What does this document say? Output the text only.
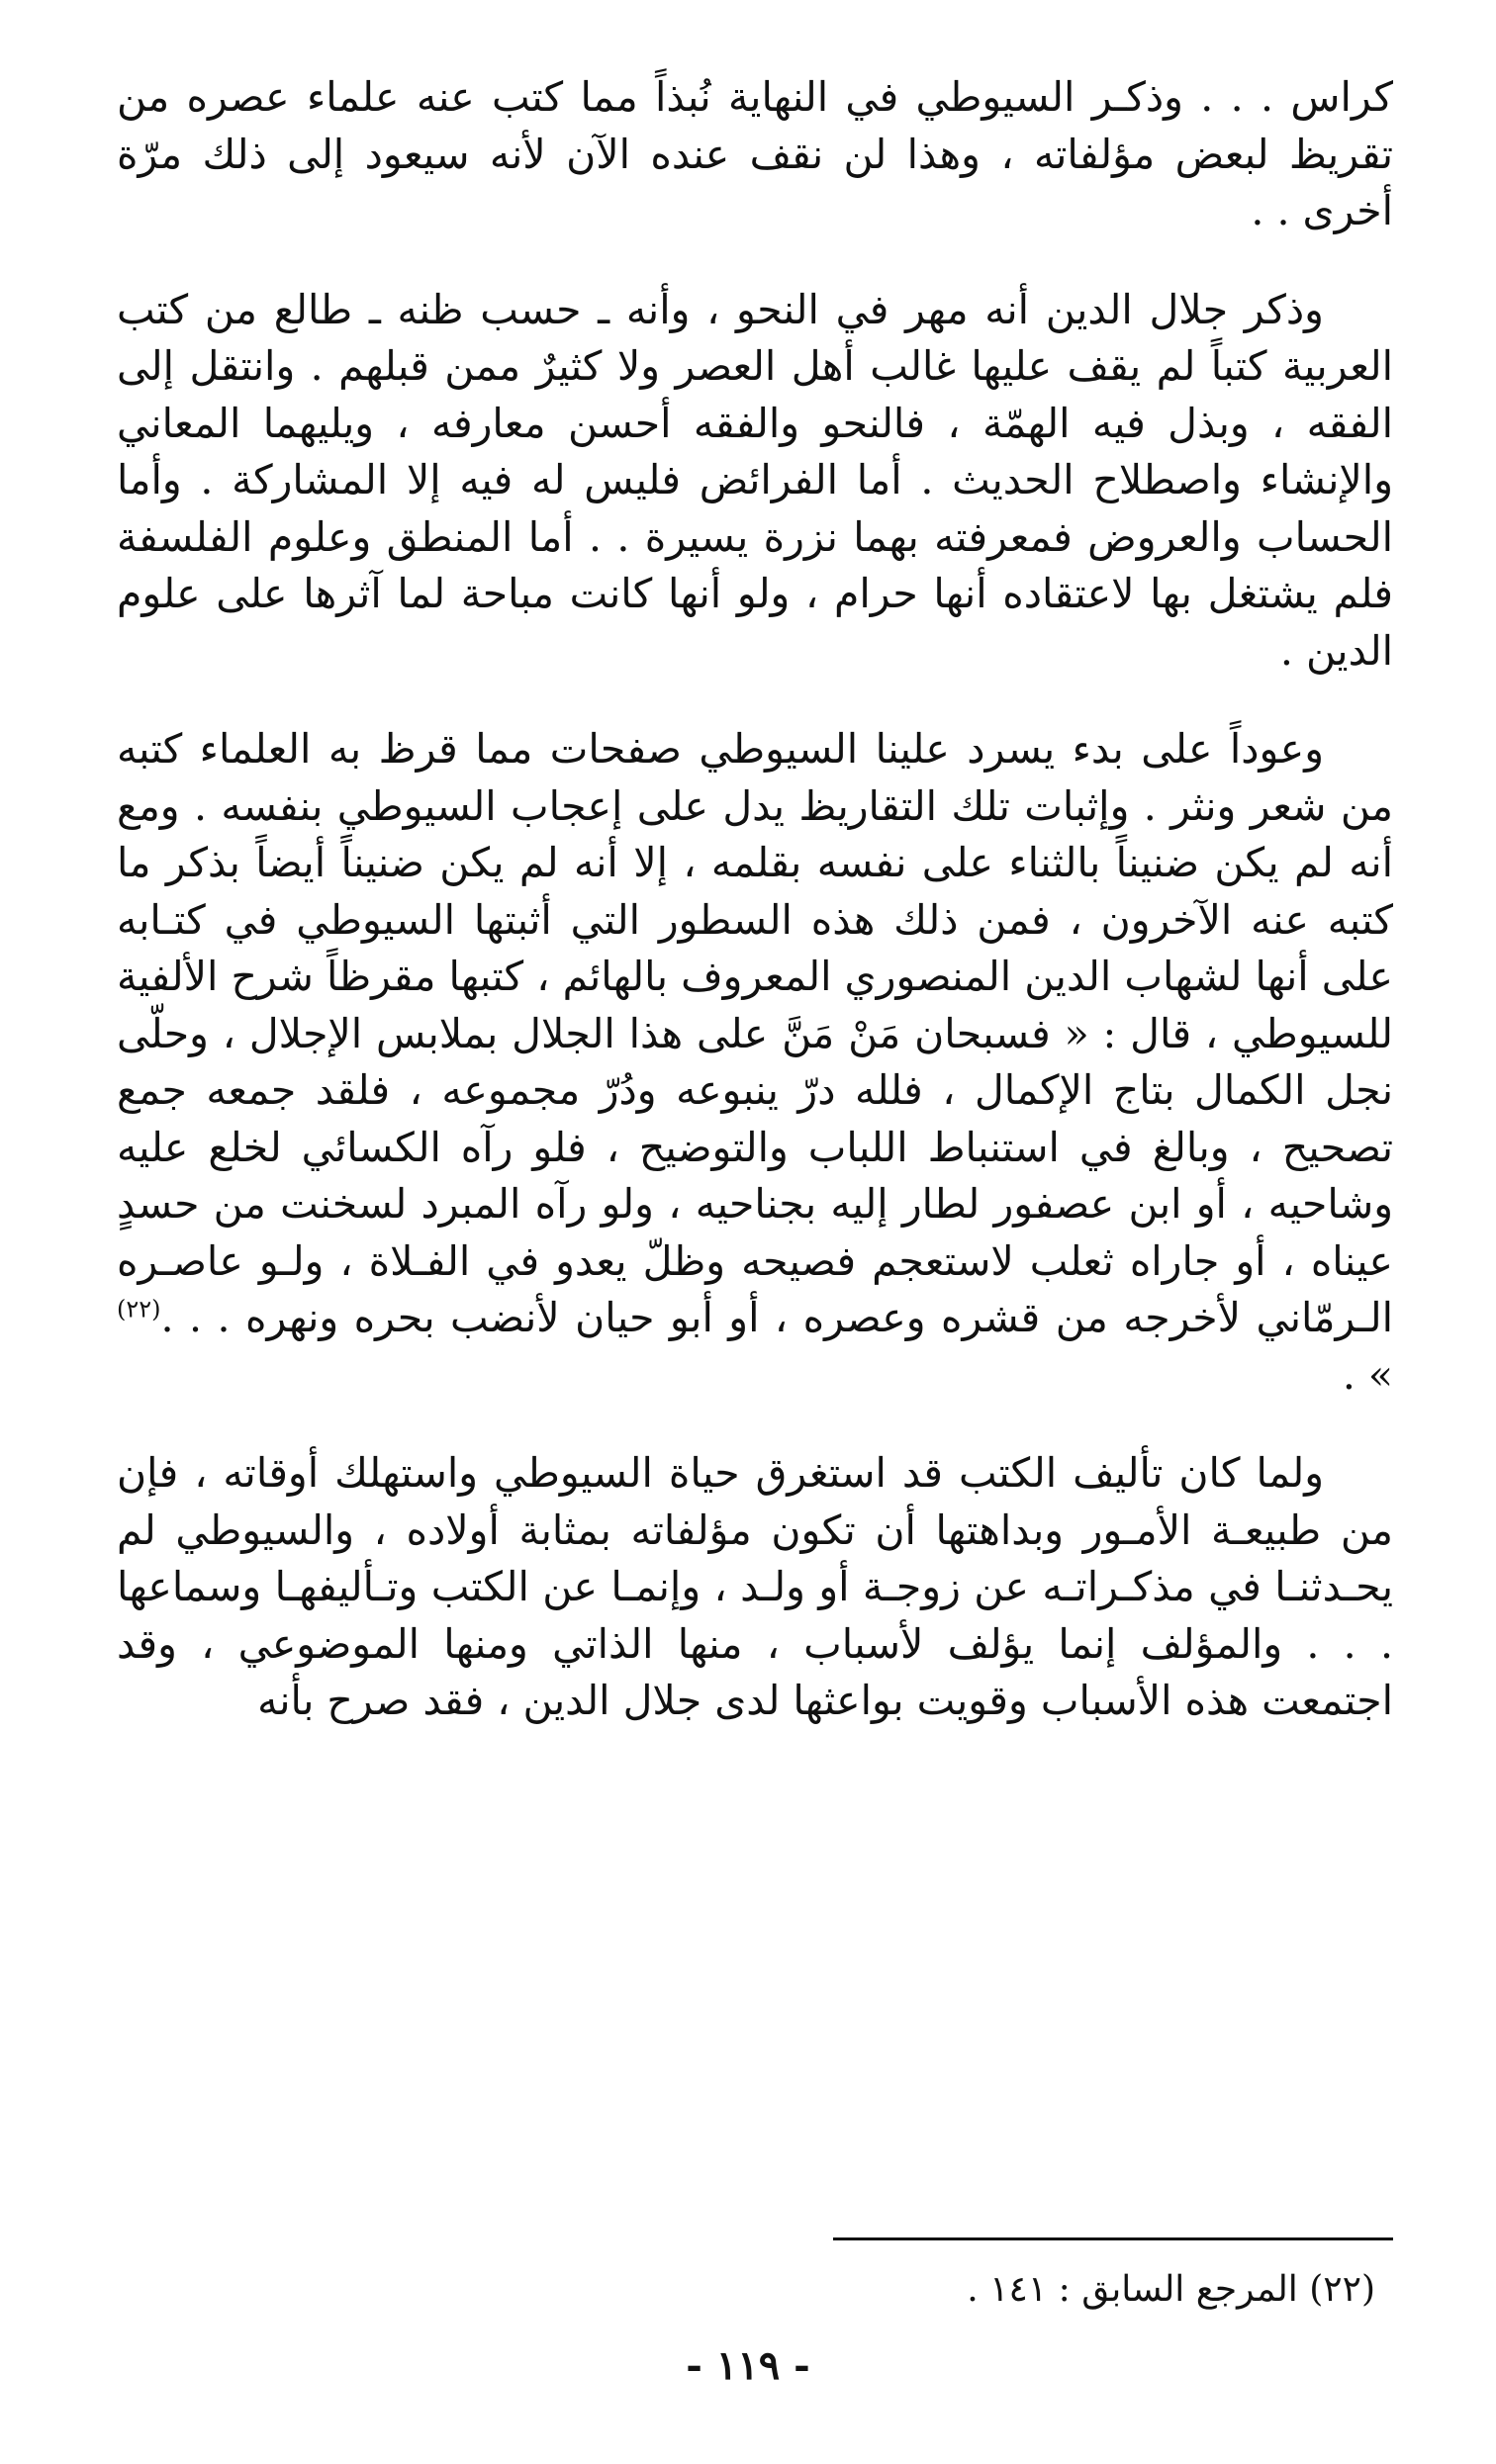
كراس . . . وذكـر السيوطي في النهاية نُبذاً مما كتب عنه علماء عصره من تقريظ لبعض مؤلفاته ، وهذا لن نقف عنده الآن لأنه سيعود إلى ذلك مرّة أخرى . .

وذكر جلال الدين أنه مهر في النحو ، وأنه ـ حسب ظنه ـ طالع من كتب العربية كتباً لم يقف عليها غالب أهل العصر ولا كثيرٌ ممن قبلهم . وانتقل إلى الفقه ، وبذل فيه الهمّة ، فالنحو والفقه أحسن معارفه ، ويليهما المعاني والإنشاء واصطلاح الحديث . أما الفرائض فليس له فيه إلا المشاركة . وأما الحساب والعروض فمعرفته بهما نزرة يسيرة . . أما المنطق وعلوم الفلسفة فلم يشتغل بها لاعتقاده أنها حرام ، ولو أنها كانت مباحة لما آثرها على علوم الدين .

وعوداً على بدء يسرد علينا السيوطي صفحات مما قرظ به العلماء كتبه من شعر ونثر . وإثبات تلك التقاريظ يدل على إعجاب السيوطي بنفسه . ومع أنه لم يكن ضنيناً بالثناء على نفسه بقلمه ، إلا أنه لم يكن ضنيناً أيضاً بذكر ما كتبه عنه الآخرون ، فمن ذلك هذه السطور التي أثبتها السيوطي في كتـابه على أنها لشهاب الدين المنصوري المعروف بالهائم ، كتبها مقرظاً شرح الألفية للسيوطي ، قال : « فسبحان مَنْ مَنَّ على هذا الجلال بملابس الإجلال ، وحلّى نجل الكمال بتاج الإكمال ، فلله درّ ينبوعه ودُرّ مجموعه ، فلقد جمعه جمع تصحيح ، وبالغ في استنباط اللباب والتوضيح ، فلو رآه الكسائي لخلع عليه وشاحيه ، أو ابن عصفور لطار إليه بجناحيه ، ولو رآه المبرد لسخنت من حسدٍ عيناه ، أو جاراه ثعلب لاستعجم فصيحه وظلّ يعدو في الفـلاة ، ولـو عاصـره الـرمّاني لأخرجه من قشره وعصره ، أو أبو حيان لأنضب بحره ونهره . . .$^{(٢٢)}$ » .

ولما كان تأليف الكتب قد استغرق حياة السيوطي واستهلك أوقاته ، فإن من طبيعـة الأمـور وبداهتها أن تكون مؤلفاته بمثابة أولاده ، والسيوطي لم يحـدثنـا في مذكـراتـه عن زوجـة أو ولـد ، وإنمـا عن الكتب وتـأليفهـا وسماعها . . . والمؤلف إنما يؤلف لأسباب ، منها الذاتي ومنها الموضوعي ، وقد اجتمعت هذه الأسباب وقويت بواعثها لدى جلال الدين ، فقد صرح بأنه

(٢٢) المرجع السابق : ١٤١ .
- ١١٩ -
